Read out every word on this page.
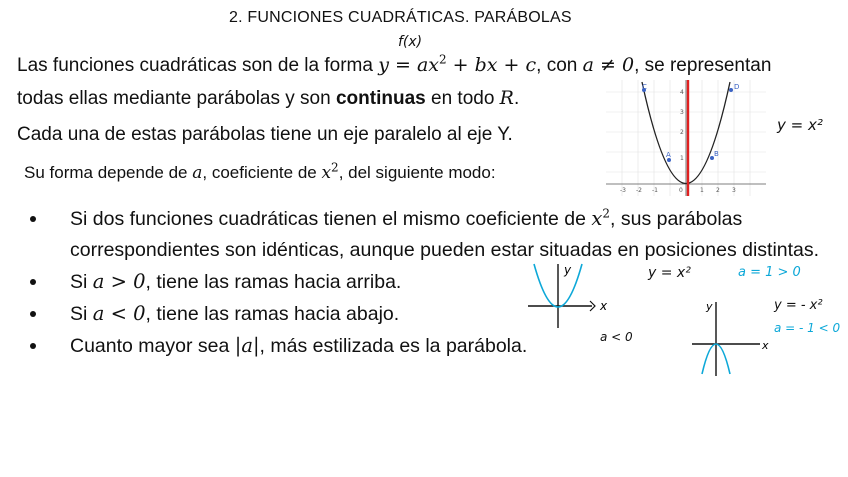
2. FUNCIONES CUADRÁTICAS. PARÁBOLAS
f(x)
Las funciones cuadráticas son de la forma $y = ax^2$ + bx + c, con a ≠ 0, se representan
todas ellas mediante parábolas y son continuas en todo R.
Cada una de estas parábolas tiene un eje paralelo al eje Y.
Su forma depende de a, coeficiente de $x^2$, del siguiente modo:
-3 -2 -1	0	1 2 3
4
3
2
1
C	D
A	B
y = x²
Si dos funciones cuadráticas tienen el mismo coeficiente de $x^2$, sus parábolas correspondientes son idénticas, aunque pueden estar situadas en posiciones distintas.
Si a > 0, tiene las ramas hacia arriba.
Si a < 0, tiene las ramas hacia abajo.
Cuanto mayor sea |a|, más estilizada es la parábola.
y
x
y = x²	a = 1 > 0
a < 0
y
x
y = - x²
a = - 1 < 0
